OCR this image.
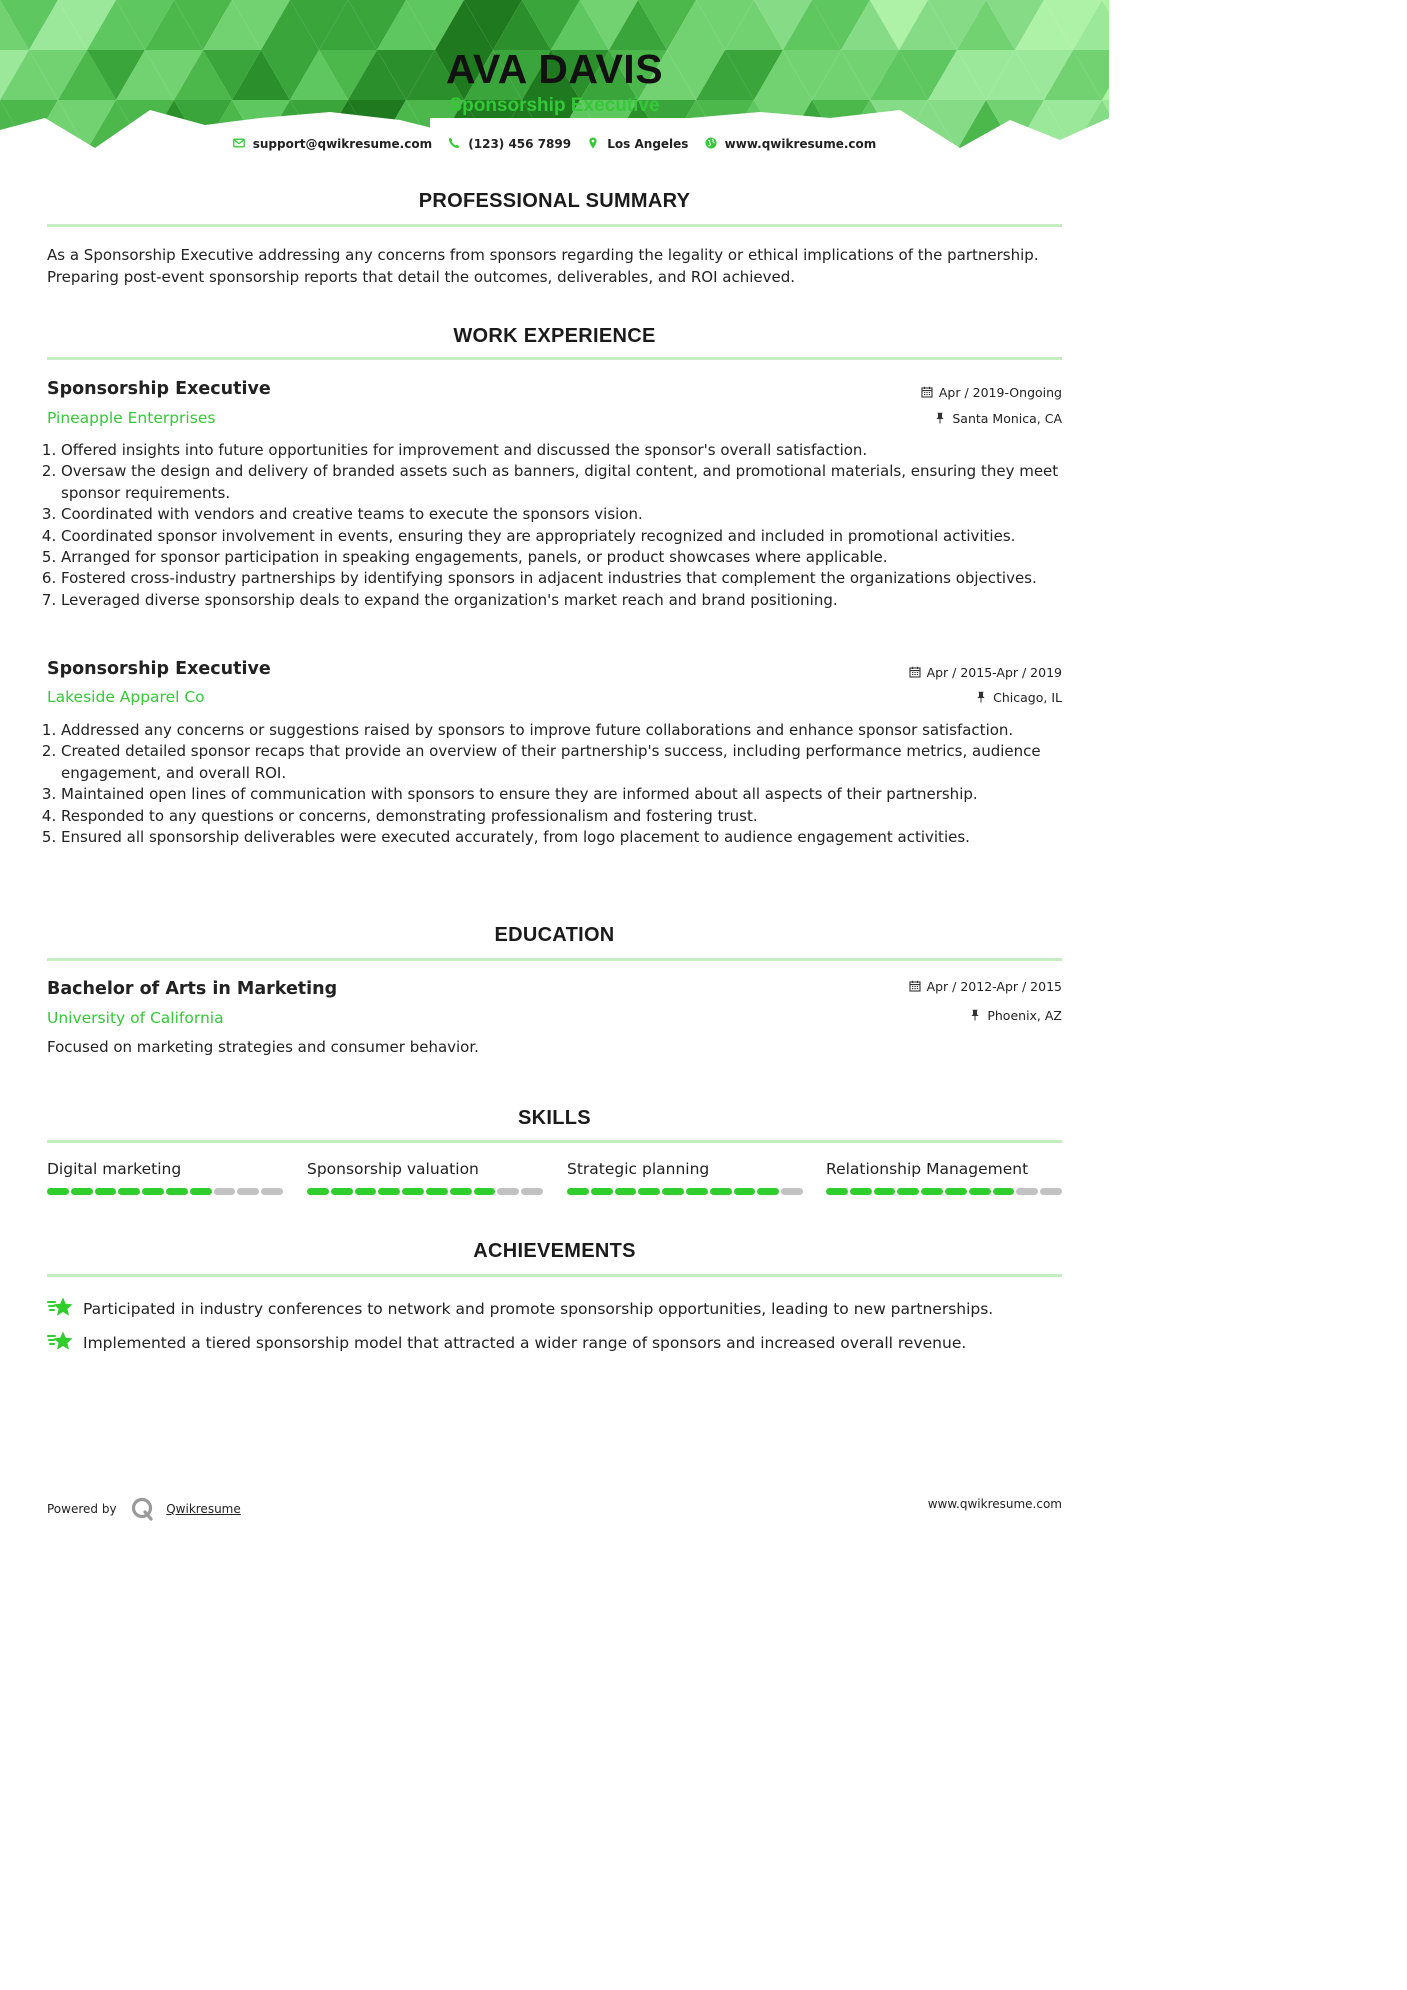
AVA DAVIS
Sponsorship Executive
support@qwikresume.com	(123) 456 7899	Los Angeles	www.qwikresume.com
PROFESSIONAL SUMMARY
As a Sponsorship Executive addressing any concerns from sponsors regarding the legality or ethical implications of the partnership. Preparing post-event sponsorship reports that detail the outcomes, deliverables, and ROI achieved.
WORK EXPERIENCE
Sponsorship Executive
Pineapple Enterprises
Apr / 2019-Ongoing
Santa Monica, CA
1. Offered insights into future opportunities for improvement and discussed the sponsor's overall satisfaction.
2. Oversaw the design and delivery of branded assets such as banners, digital content, and promotional materials, ensuring they meet sponsor requirements.
3. Coordinated with vendors and creative teams to execute the sponsors vision.
4. Coordinated sponsor involvement in events, ensuring they are appropriately recognized and included in promotional activities.
5. Arranged for sponsor participation in speaking engagements, panels, or product showcases where applicable.
6. Fostered cross-industry partnerships by identifying sponsors in adjacent industries that complement the organizations objectives.
7. Leveraged diverse sponsorship deals to expand the organization's market reach and brand positioning.
Sponsorship Executive
Lakeside Apparel Co
Apr / 2015-Apr / 2019
Chicago, IL
1. Addressed any concerns or suggestions raised by sponsors to improve future collaborations and enhance sponsor satisfaction.
2. Created detailed sponsor recaps that provide an overview of their partnership's success, including performance metrics, audience engagement, and overall ROI.
3. Maintained open lines of communication with sponsors to ensure they are informed about all aspects of their partnership.
4. Responded to any questions or concerns, demonstrating professionalism and fostering trust.
5. Ensured all sponsorship deliverables were executed accurately, from logo placement to audience engagement activities.
EDUCATION
Bachelor of Arts in Marketing
University of California
Apr / 2012-Apr / 2015
Phoenix, AZ
Focused on marketing strategies and consumer behavior.
SKILLS
Digital marketing	Sponsorship valuation	Strategic planning	Relationship Management
ACHIEVEMENTS
Participated in industry conferences to network and promote sponsorship opportunities, leading to new partnerships.
Implemented a tiered sponsorship model that attracted a wider range of sponsors and increased overall revenue.
Powered by	Qwikresume	www.qwikresume.com
